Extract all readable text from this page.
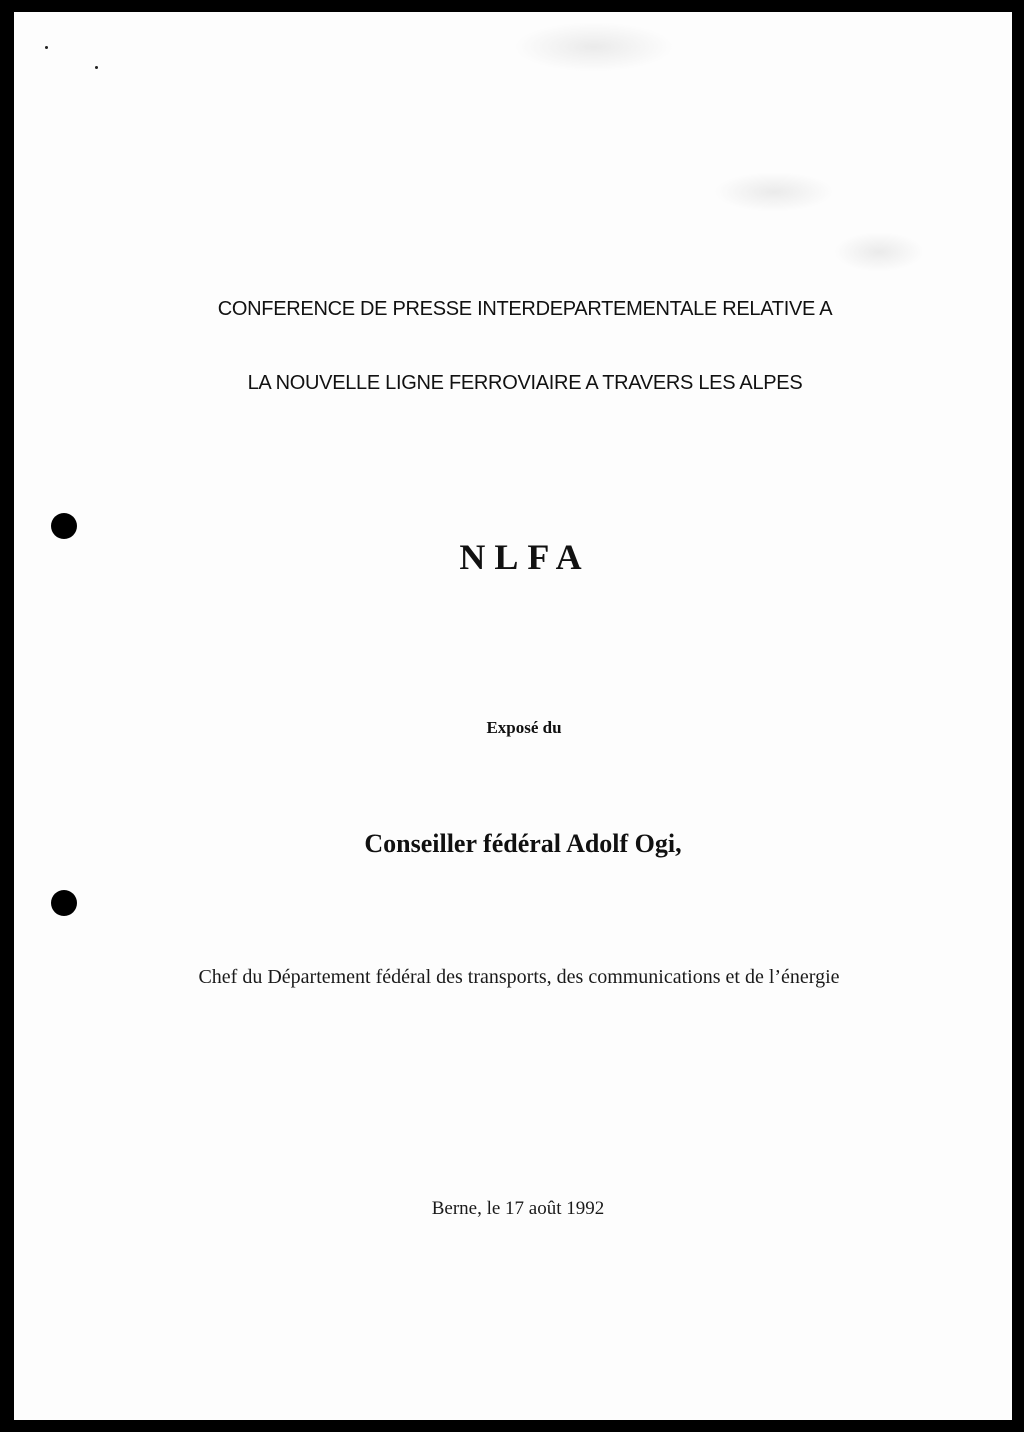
CONFERENCE DE PRESSE INTERDEPARTEMENTALE RELATIVE A
LA NOUVELLE LIGNE FERROVIAIRE A TRAVERS LES ALPES
NLFA
Exposé du
Conseiller fédéral Adolf Ogi,
Chef du Département fédéral des transports, des communications et de l’énergie
Berne, le 17 août 1992
